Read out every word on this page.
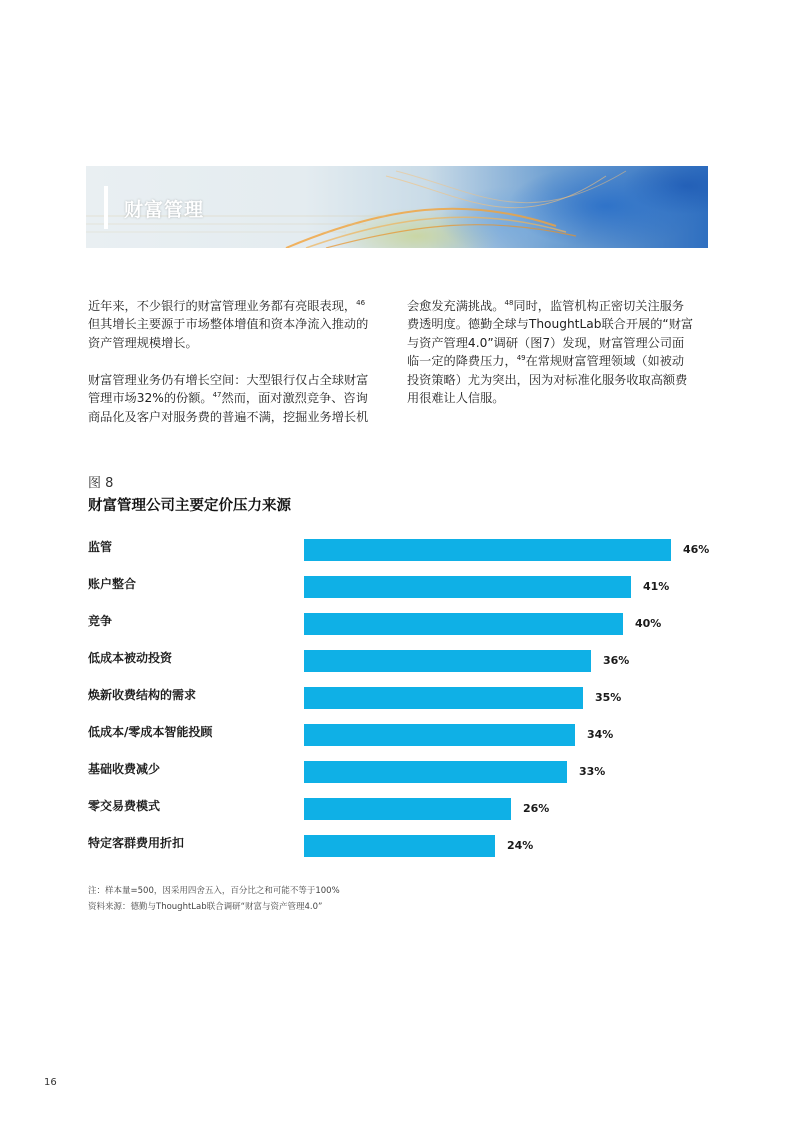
财富管理
近年来，不少银行的财富管理业务都有亮眼表现，$^{46}$
但其增长主要源于市场整体增值和资本净流入推动的
资产管理规模增长。
财富管理业务仍有增长空间：大型银行仅占全球财富
管理市场32%的份额。$^{47}$然而，面对激烈竞争、咨询
商品化及客户对服务费的普遍不满，挖掘业务增长机
会愈发充满挑战。$^{48}$同时，监管机构正密切关注服务
费透明度。德勤全球与ThoughtLab联合开展的“财富
与资产管理4.0”调研（图7）发现，财富管理公司面
临一定的降费压力，$^{49}$在常规财富管理领域（如被动
投资策略）尤为突出，因为对标准化服务收取高额费
用很难让人信服。
图 8
财富管理公司主要定价压力来源
监管	46%
账户整合	41%
竞争	40%
低成本被动投资	36%
焕新收费结构的需求	35%
低成本/零成本智能投顾	34%
基础收费减少	33%
零交易费模式	26%
特定客群费用折扣	24%
注：样本量=500，因采用四舍五入，百分比之和可能不等于100%
资料来源：德勤与ThoughtLab联合调研“财富与资产管理4.0”
16
